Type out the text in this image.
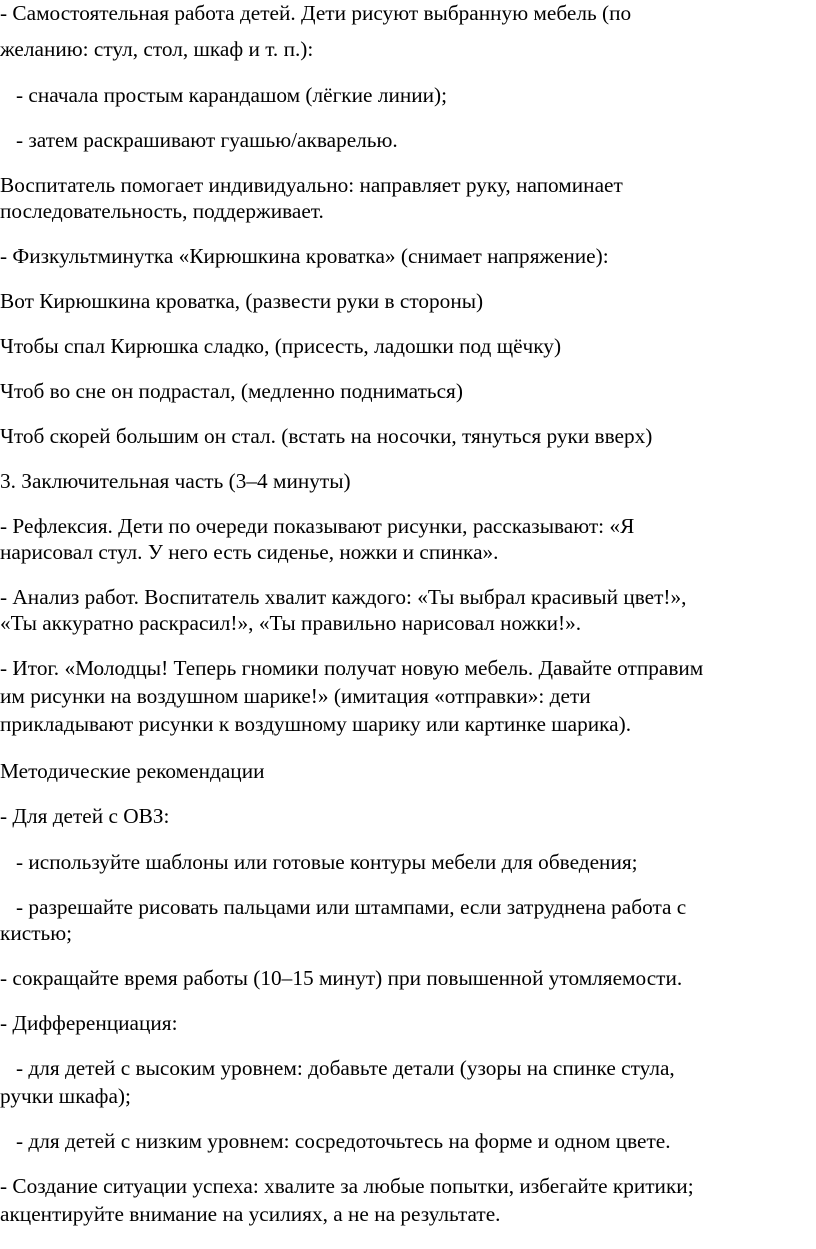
- Самостоятельная работа детей. Дети рисуют выбранную мебель (по
желанию: стул, стол, шкаф и т. п.):
- сначала простым карандашом (лёгкие линии);
- затем раскрашивают гуашью/акварелью.
Воспитатель помогает индивидуально: направляет руку, напоминает
последовательность, поддерживает.
- Физкультминутка «Кирюшкина кроватка» (снимает напряжение):
Вот Кирюшкина кроватка, (развести руки в стороны)
Чтобы спал Кирюшка сладко, (присесть, ладошки под щёчку)
Чтоб во сне он подрастал, (медленно подниматься)
Чтоб скорей большим он стал. (встать на носочки, тянуться руки вверх)
3. Заключительная часть (3–4 минуты)
- Рефлексия. Дети по очереди показывают рисунки, рассказывают: «Я
нарисовал стул. У него есть сиденье, ножки и спинка».
- Анализ работ. Воспитатель хвалит каждого: «Ты выбрал красивый цвет!»,
«Ты аккуратно раскрасил!», «Ты правильно нарисовал ножки!».
- Итог. «Молодцы! Теперь гномики получат новую мебель. Давайте отправим
им рисунки на воздушном шарике!» (имитация «отправки»: дети
прикладывают рисунки к воздушному шарику или картинке шарика).
Методические рекомендации
- Для детей с ОВЗ:
- используйте шаблоны или готовые контуры мебели для обведения;
- разрешайте рисовать пальцами или штампами, если затруднена работа с
кистью;
- сокращайте время работы (10–15 минут) при повышенной утомляемости.
- Дифференциация:
- для детей с высоким уровнем: добавьте детали (узоры на спинке стула,
ручки шкафа);
- для детей с низким уровнем: сосредоточьтесь на форме и одном цвете.
- Создание ситуации успеха: хвалите за любые попытки, избегайте критики;
акцентируйте внимание на усилиях, а не на результате.
